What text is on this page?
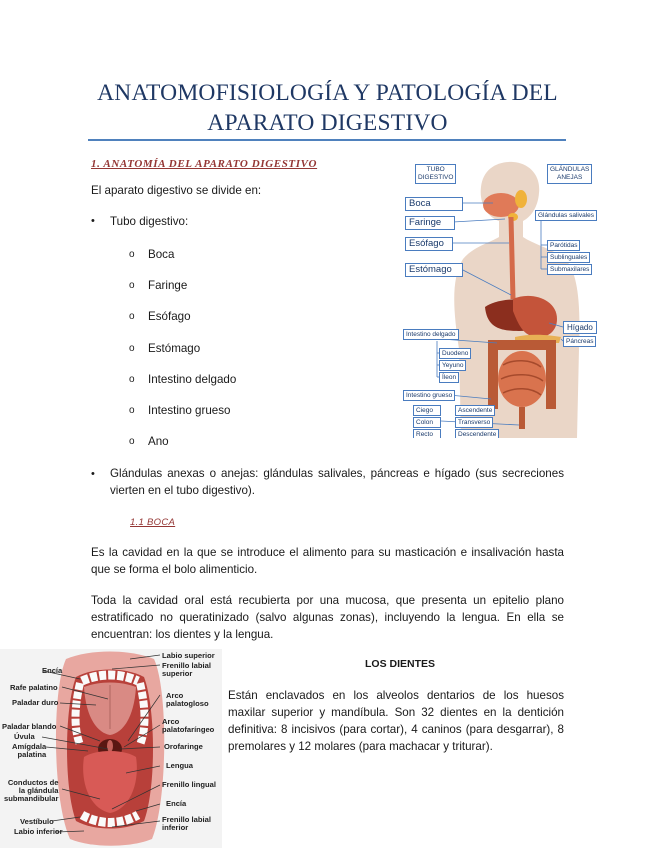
ANATOMOFISIOLOGÍA Y PATOLOGÍA DEL
APARATO DIGESTIVO
1. ANATOMÍA DEL APARATO DIGESTIVO
El aparato digestivo se divide en:
• Tubo digestivo:
o Boca
o Faringe
o Esófago
o Estómago
o Intestino delgado
o Intestino grueso
o Ano
• Glándulas anexas o anejas: glándulas salivales, páncreas e hígado (sus secreciones vierten en el tubo digestivo).
TUBO
DIGESTIVO
GLÁNDULAS
ANEJAS
Boca
Faringe
Esófago
Estómago
Glándulas salivales
Parótidas
Sublinguales
Submaxilares
Hígado
Páncreas
Intestino delgado
Duodeno
Yeyuno
Íleon
Intestino grueso
Ciego
Colon
Recto
Ascendente
Transverso
Descendente
1.1 BOCA
Es la cavidad en la que se introduce el alimento para su masticación e insalivación hasta que se forma el bolo alimenticio.
Toda la cavidad oral está recubierta por una mucosa, que presenta un epitelio plano estratificado no queratinizado (salvo algunas zonas), incluyendo la lengua. En ella se encuentran: los dientes y la lengua.
Encía
Rafe palatino
Paladar duro
Paladar blando
Úvula
Amígdala
palatina
Conductos de
la glándula
submandibular
Vestíbulo
Labio inferior
Labio superior
Frenillo labial
superior
Arco
palatogloso
Arco
palatofaríngeo
Orofaringe
Lengua
Frenillo lingual
Encía
Frenillo labial
inferior
LOS DIENTES
Están enclavados en los alveolos dentarios de los huesos maxilar superior y mandíbula. Son 32 dientes en la dentición definitiva: 8 incisivos (para cortar), 4 caninos (para desgarrar), 8 premolares y 12 molares (para machacar y triturar).
